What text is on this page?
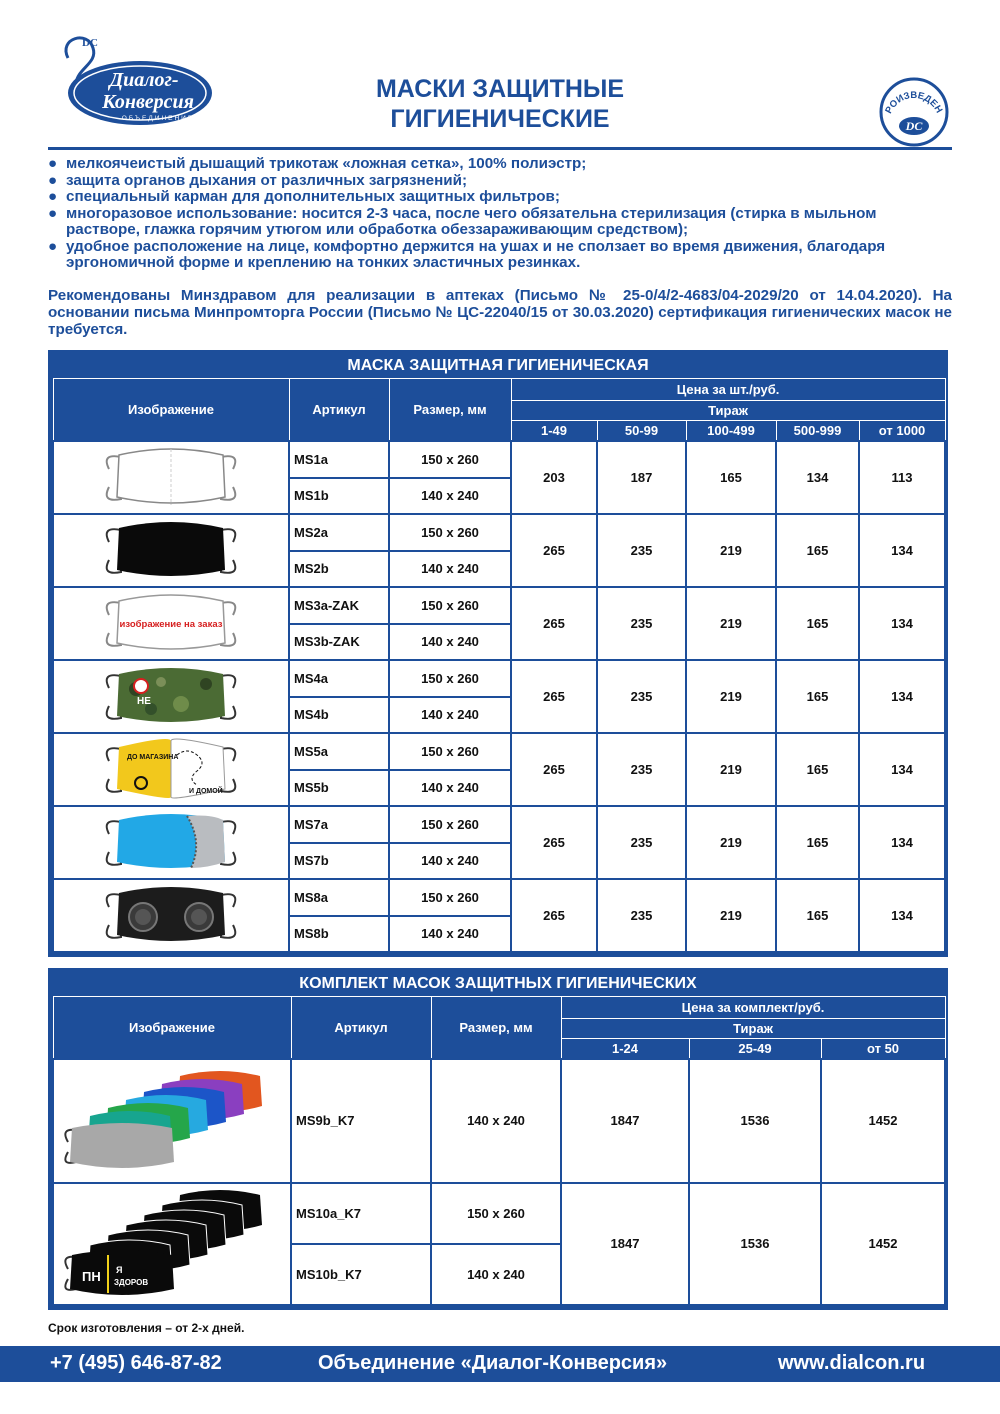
DC
Диалог-
Конверсия
ОБЪЕДИНЕНИЕ
МАСКИ ЗАЩИТНЫЕ
ГИГИЕНИЧЕСКИЕ	РОИЗВЕДЕН
DC
● мелкоячеистый дышащий трикотаж «ложная сетка», 100% полиэстр;
● защита органов дыхания от различных загрязнений;
● специальный карман для дополнительных защитных фильтров;
● многоразовое использование: носится 2-3 часа, после чего обязательна стерилизация (стирка в мыльном растворе, глажка горячим утюгом или обработка обеззараживающим средством);
● удобное расположение на лице, комфортно держится на ушах и не сползает во время движения, благодаря эргономичной форме и креплению на тонких эластичных резинках.
Рекомендованы Минздравом для реализации в аптеках (Письмо № 25-0/4/2-4683/04-2029/20 от 14.04.2020). На основании письма Минпромторга России (Письмо № ЦС-22040/15 от 30.03.2020) сертификация гигиенических масок не требуется.
МАСКА ЗАЩИТНАЯ ГИГИЕНИЧЕСКАЯ
Изображение	Артикул	Размер, мм	Цена за шт./руб.				
			Тираж				
			1-49	50-99	100-499	500-999	от 1000

	MS1a	150 x 260	203	187	165	134	113
	MS1b	140 x 240					

	MS2a	150 x 260	265	235	219	165	134
	MS2b	140 x 240					

изображение на заказ	MS3a-ZAK	150 x 260	265	235	219	165	134
	MS3b-ZAK	140 x 240					

НЕ	MS4a	150 x 260	265	235	219	165	134
	MS4b	140 x 240					

ДО МАГАЗИНА
И ДОМОЙ	MS5a	150 x 260	265	235	219	165	134
	MS5b	140 x 240					

	MS7a	150 x 260	265	235	219	165	134
	MS7b	140 x 240					

	MS8a	150 x 260	265	235	219	165	134
	MS8b	140 x 240					
КОМПЛЕКТ МАСОК ЗАЩИТНЫХ ГИГИЕНИЧЕСКИХ
Изображение	Артикул	Размер, мм	Цена за комплект/руб.		
			Тираж		
			1-24	25-49	от 50

	MS9b_K7	140 x 240	1847	1536	1452

ПН Я
ЗДОРОВ	MS10a_K7	150 x 260	1847	1536	1452
	MS10b_K7	140 x 240			
Срок изготовления – от 2-х дней.
+7 (495) 646-87-82	Объединение «Диалог-Конверсия»	www.dialcon.ru
